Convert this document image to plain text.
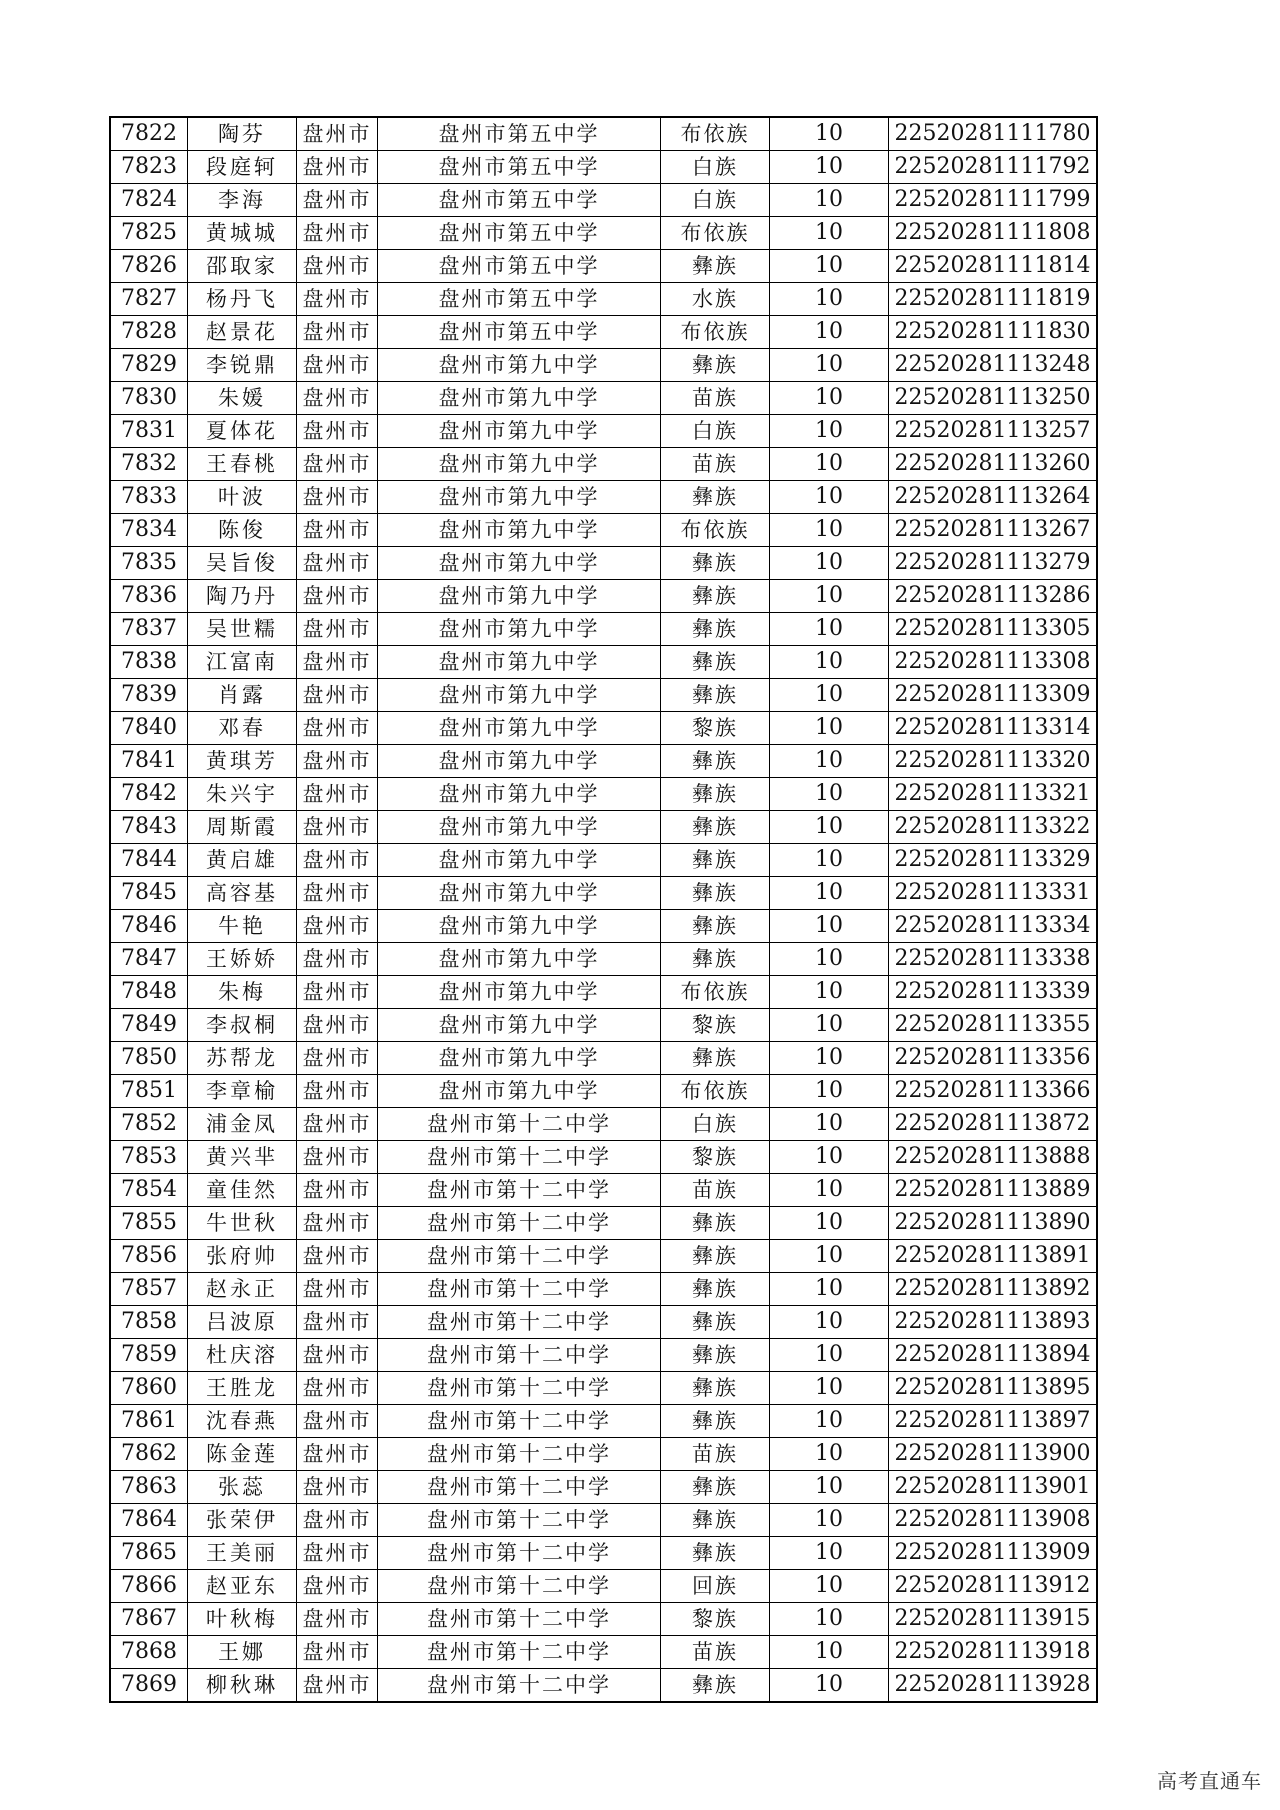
7822	陶芬	盘州市	盘州市第五中学	布依族	10	22520281111780
7823	段庭轲	盘州市	盘州市第五中学	白族	10	22520281111792
7824	李海	盘州市	盘州市第五中学	白族	10	22520281111799
7825	黄城城	盘州市	盘州市第五中学	布依族	10	22520281111808
7826	邵取家	盘州市	盘州市第五中学	彝族	10	22520281111814
7827	杨丹飞	盘州市	盘州市第五中学	水族	10	22520281111819
7828	赵景花	盘州市	盘州市第五中学	布依族	10	22520281111830
7829	李锐鼎	盘州市	盘州市第九中学	彝族	10	22520281113248
7830	朱媛	盘州市	盘州市第九中学	苗族	10	22520281113250
7831	夏体花	盘州市	盘州市第九中学	白族	10	22520281113257
7832	王春桃	盘州市	盘州市第九中学	苗族	10	22520281113260
7833	叶波	盘州市	盘州市第九中学	彝族	10	22520281113264
7834	陈俊	盘州市	盘州市第九中学	布依族	10	22520281113267
7835	吴旨俊	盘州市	盘州市第九中学	彝族	10	22520281113279
7836	陶乃丹	盘州市	盘州市第九中学	彝族	10	22520281113286
7837	吴世糯	盘州市	盘州市第九中学	彝族	10	22520281113305
7838	江富南	盘州市	盘州市第九中学	彝族	10	22520281113308
7839	肖露	盘州市	盘州市第九中学	彝族	10	22520281113309
7840	邓春	盘州市	盘州市第九中学	黎族	10	22520281113314
7841	黄琪芳	盘州市	盘州市第九中学	彝族	10	22520281113320
7842	朱兴宇	盘州市	盘州市第九中学	彝族	10	22520281113321
7843	周斯霞	盘州市	盘州市第九中学	彝族	10	22520281113322
7844	黄启雄	盘州市	盘州市第九中学	彝族	10	22520281113329
7845	高容基	盘州市	盘州市第九中学	彝族	10	22520281113331
7846	牛艳	盘州市	盘州市第九中学	彝族	10	22520281113334
7847	王娇娇	盘州市	盘州市第九中学	彝族	10	22520281113338
7848	朱梅	盘州市	盘州市第九中学	布依族	10	22520281113339
7849	李叔桐	盘州市	盘州市第九中学	黎族	10	22520281113355
7850	苏帮龙	盘州市	盘州市第九中学	彝族	10	22520281113356
7851	李章榆	盘州市	盘州市第九中学	布依族	10	22520281113366
7852	浦金凤	盘州市	盘州市第十二中学	白族	10	22520281113872
7853	黄兴芈	盘州市	盘州市第十二中学	黎族	10	22520281113888
7854	童佳然	盘州市	盘州市第十二中学	苗族	10	22520281113889
7855	牛世秋	盘州市	盘州市第十二中学	彝族	10	22520281113890
7856	张府帅	盘州市	盘州市第十二中学	彝族	10	22520281113891
7857	赵永正	盘州市	盘州市第十二中学	彝族	10	22520281113892
7858	吕波原	盘州市	盘州市第十二中学	彝族	10	22520281113893
7859	杜庆溶	盘州市	盘州市第十二中学	彝族	10	22520281113894
7860	王胜龙	盘州市	盘州市第十二中学	彝族	10	22520281113895
7861	沈春燕	盘州市	盘州市第十二中学	彝族	10	22520281113897
7862	陈金莲	盘州市	盘州市第十二中学	苗族	10	22520281113900
7863	张蕊	盘州市	盘州市第十二中学	彝族	10	22520281113901
7864	张荣伊	盘州市	盘州市第十二中学	彝族	10	22520281113908
7865	王美丽	盘州市	盘州市第十二中学	彝族	10	22520281113909
7866	赵亚东	盘州市	盘州市第十二中学	回族	10	22520281113912
7867	叶秋梅	盘州市	盘州市第十二中学	黎族	10	22520281113915
7868	王娜	盘州市	盘州市第十二中学	苗族	10	22520281113918
7869	柳秋琳	盘州市	盘州市第十二中学	彝族	10	22520281113928
高考直通车
